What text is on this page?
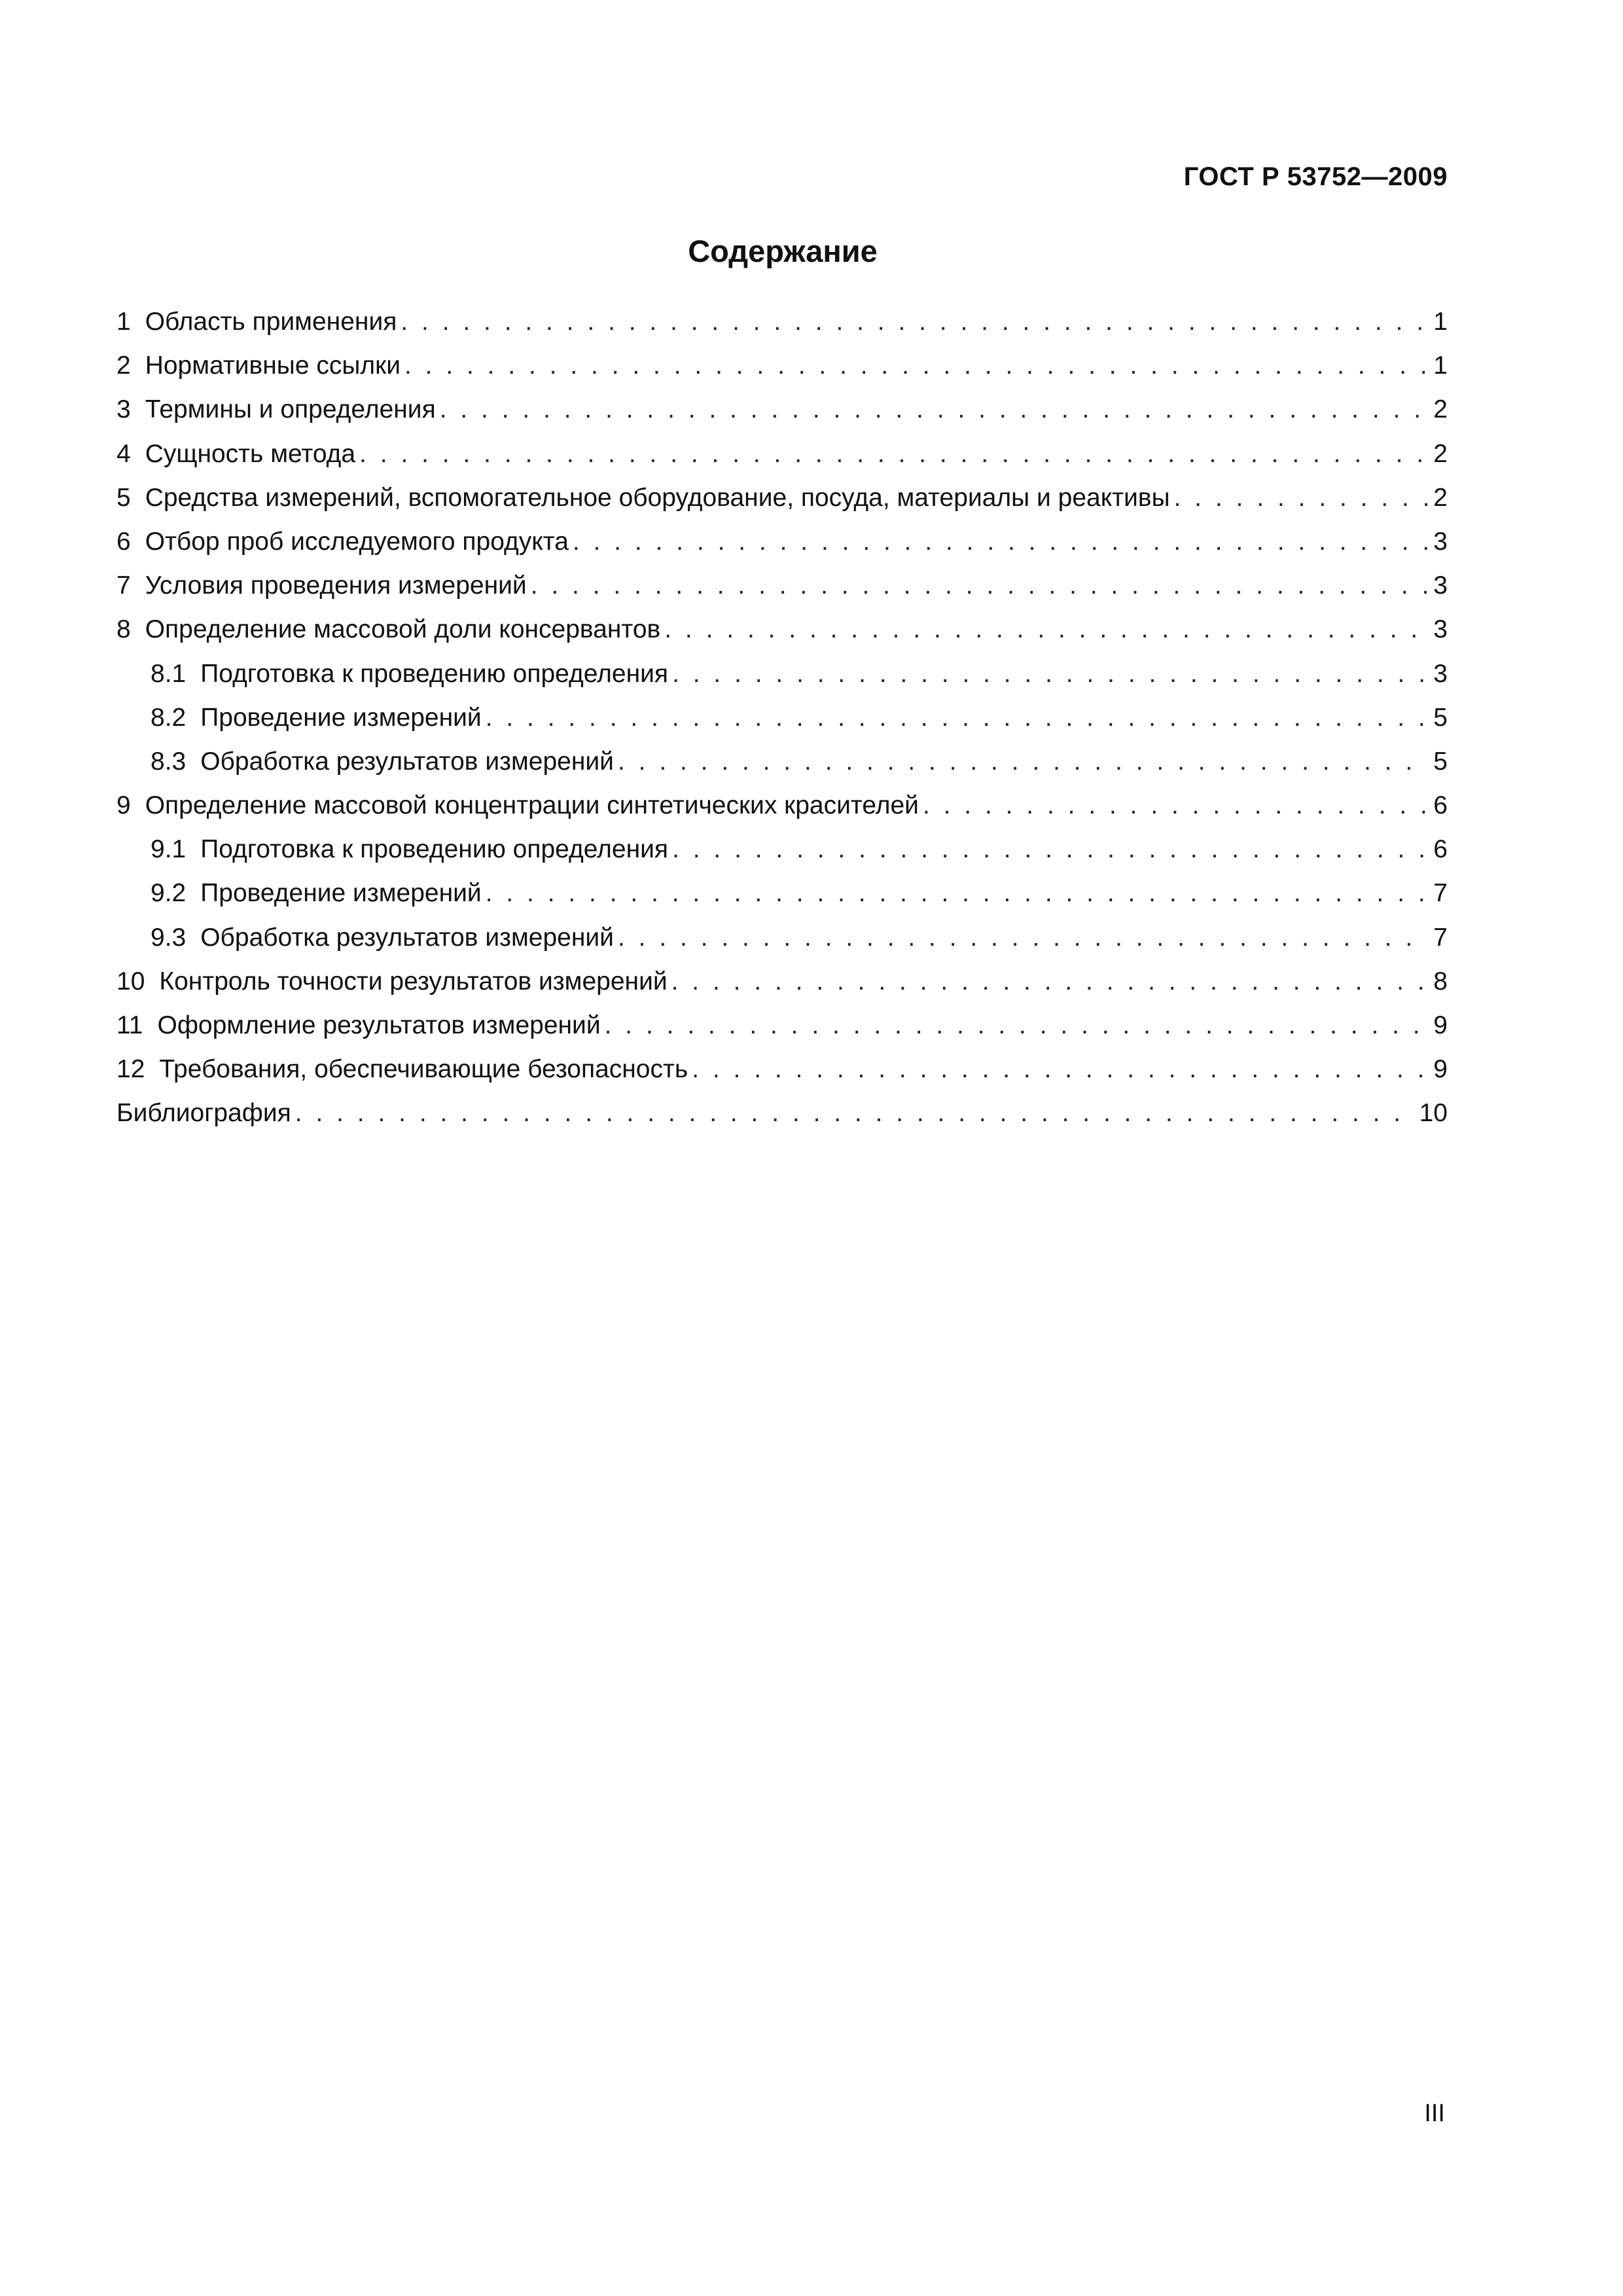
ГОСТ Р 53752—2009
Содержание
1 Область применения . . .	1
2 Нормативные ссылки . . .	1
3 Термины и определения . . .	2
4 Сущность метода . . .	2
5 Средства измерений, вспомогательное оборудование, посуда, материалы и реактивы . . .	2
6 Отбор проб исследуемого продукта . . .	3
7 Условия проведения измерений . . .	3
8 Определение массовой доли консервантов . . .	3
8.1 Подготовка к проведению определения . . .	3
8.2 Проведение измерений . . .	5
8.3 Обработка результатов измерений . . .	5
9 Определение массовой концентрации синтетических красителей . . .	6
9.1 Подготовка к проведению определения . . .	6
9.2 Проведение измерений . . .	7
9.3 Обработка результатов измерений . . .	7
10 Контроль точности результатов измерений . . .	8
11 Оформление результатов измерений . . .	9
12 Требования, обеспечивающие безопасность . . .	9
Библиография . . .	10
III
